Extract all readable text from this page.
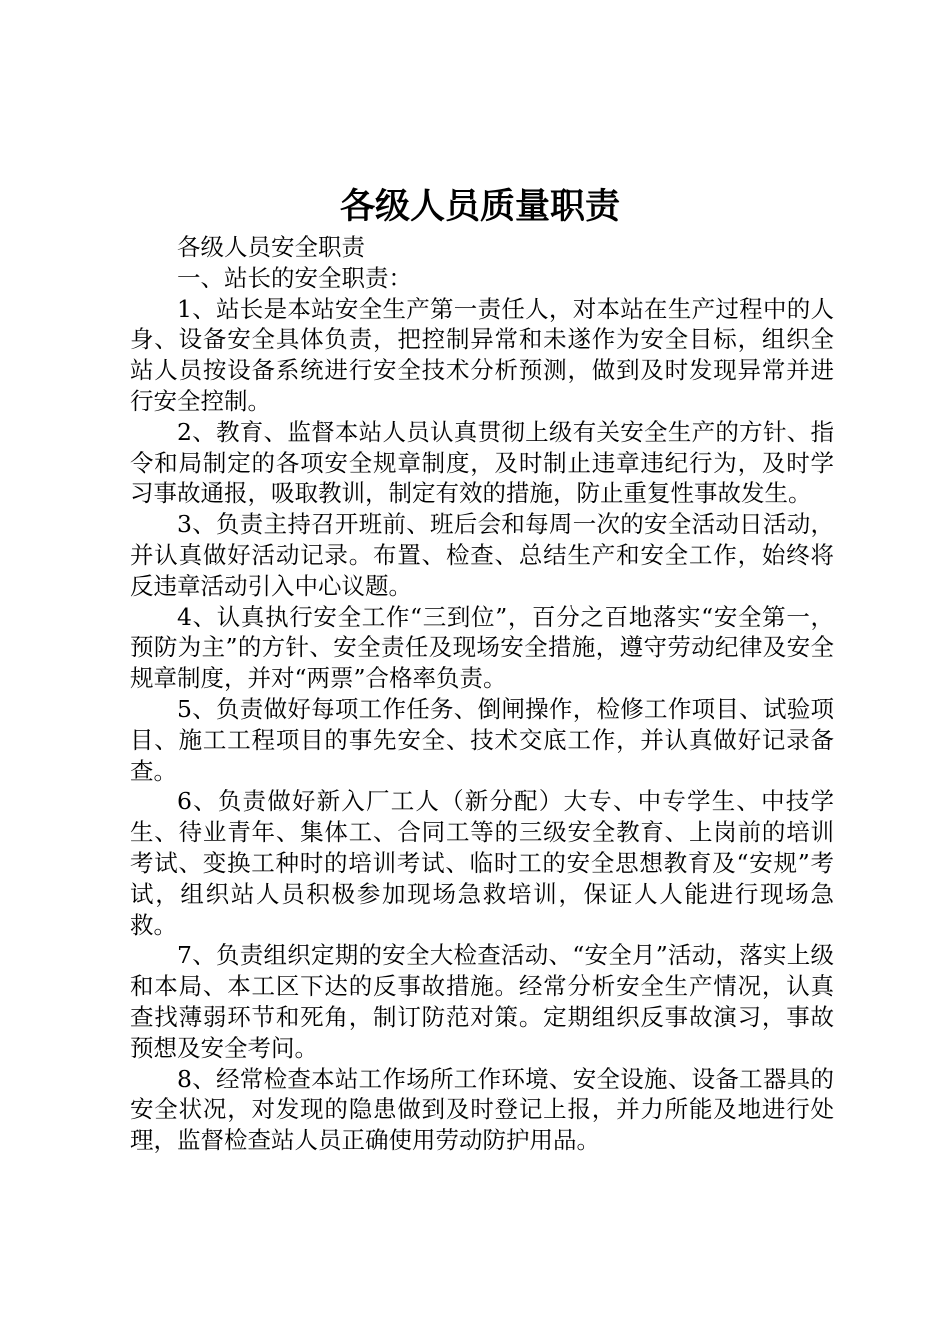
各级人员质量职责

各级人员安全职责

一、站长的安全职责：

1、站长是本站安全生产第一责任人，对本站在生产过程中的人身、设备安全具体负责，把控制异常和未遂作为安全目标，组织全站人员按设备系统进行安全技术分析预测，做到及时发现异常并进行安全控制。

2、教育、监督本站人员认真贯彻上级有关安全生产的方针、指令和局制定的各项安全规章制度，及时制止违章违纪行为，及时学习事故通报，吸取教训，制定有效的措施，防止重复性事故发生。

3、负责主持召开班前、班后会和每周一次的安全活动日活动，并认真做好活动记录。布置、检查、总结生产和安全工作，始终将反违章活动引入中心议题。

4、认真执行安全工作“三到位”，百分之百地落实“安全第一，预防为主”的方针、安全责任及现场安全措施，遵守劳动纪律及安全规章制度，并对“两票”合格率负责。

5、负责做好每项工作任务、倒闸操作，检修工作项目、试验项目、施工工程项目的事先安全、技术交底工作，并认真做好记录备查。

6、负责做好新入厂工人（新分配）大专、中专学生、中技学生、待业青年、集体工、合同工等的三级安全教育、上岗前的培训考试、变换工种时的培训考试、临时工的安全思想教育及“安规”考试，组织站人员积极参加现场急救培训，保证人人能进行现场急救。

7、负责组织定期的安全大检查活动、“安全月”活动，落实上级和本局、本工区下达的反事故措施。经常分析安全生产情况，认真查找薄弱环节和死角，制订防范对策。定期组织反事故演习，事故预想及安全考问。

8、经常检查本站工作场所工作环境、安全设施、设备工器具的安全状况，对发现的隐患做到及时登记上报，并力所能及地进行处理，监督检查站人员正确使用劳动防护用品。
